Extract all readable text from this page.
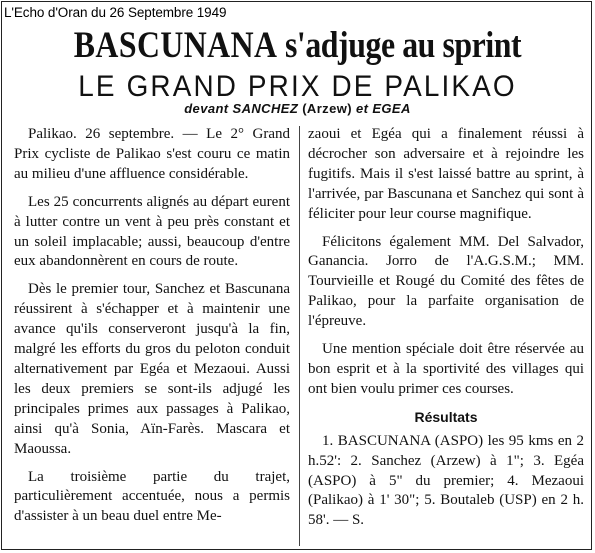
L'Echo d'Oran du 26 Septembre 1949
BASCUNANA s'adjuge au sprint
LE GRAND PRIX DE PALIKAO
devant SANCHEZ (Arzew) et EGEA

Palikao. 26 septembre. — Le 2° Grand Prix cycliste de Palikao s'est couru ce matin au milieu d'une affluence considérable.

Les 25 concurrents alignés au départ eurent à lutter contre un vent à peu près constant et un soleil implacable; aussi, beaucoup d'entre eux abandonnèrent en cours de route.

Dès le premier tour, Sanchez et Bascunana réussirent à s'échapper et à maintenir une avance qu'ils conserveront jusqu'à la fin, malgré les efforts du gros du peloton conduit alternativement par Egéa et Mezaoui. Aussi les deux premiers se sont-ils adjugé les principales primes aux passages à Palikao, ainsi qu'à Sonia, Aïn-Farès. Mascara et Maoussa.

La troisième partie du trajet, particulièrement accentuée, nous a permis d'assister à un beau duel entre Me-

zaoui et Egéa qui a finalement réussi à décrocher son adversaire et à rejoindre les fugitifs. Mais il s'est laissé battre au sprint, à l'arrivée, par Bascunana et Sanchez qui sont à féliciter pour leur course magnifique.

Félicitons également MM. Del Salvador, Ganancia. Jorro de l'A.G.S.M.; MM. Tourvieille et Rougé du Comité des fêtes de Palikao, pour la parfaite organisation de l'épreuve.

Une mention spéciale doit être réservée au bon esprit et à la sportivité des villages qui ont bien voulu primer ces courses.

Résultats

1. BASCUNANA (ASPO) les 95 kms en 2 h.52': 2. Sanchez (Arzew) à 1"; 3. Egéa (ASPO) à 5" du premier; 4. Mezaoui (Palikao) à 1' 30"; 5. Boutaleb (USP) en 2 h. 58'. — S.
